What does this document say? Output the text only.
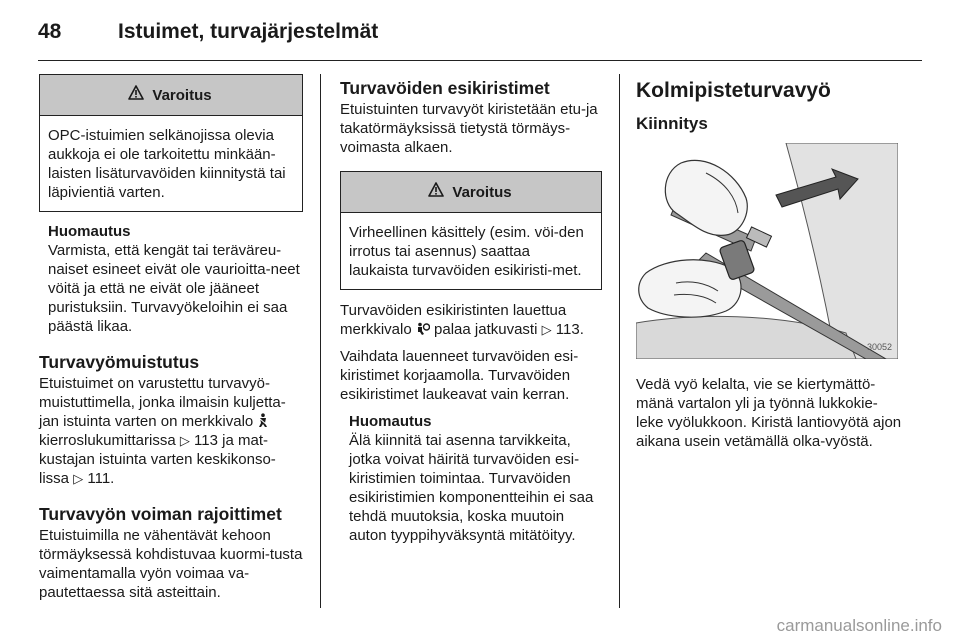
48	Istuimet, turvajärjestelmät
Varoitus
OPC-istuimien selkänojissa olevia aukkoja ei ole tarkoitettu minkään-laisten lisäturvavöiden kiinnitystä tai läpivientiä varten.
Huomautus
Varmista, että kengät tai teräväreu-naiset esineet eivät ole vaurioitta-neet vöitä ja että ne eivät ole jääneet puristuksiin. Turvavyökeloihin ei saa päästä likaa.
Turvavyömuistutus

Etuistuimet on varustettu turvavyö-muistuttimella, jonka ilmaisin kuljetta-jan istuinta varten on merkkivalo  kierroslukumittarissa ▷ 113 ja mat-kustajan istuinta varten keskikonso-lissa ▷ 111.

Turvavyön voiman rajoittimet

Etuistuimilla ne vähentävät kehoon törmäyksessä kohdistuvaa kuormi-tusta vaimentamalla vyön voimaa va-pautettaessa sitä asteittain.

Turvavöiden esikiristimet

Etuistuinten turvavyöt kiristetään etu-ja takatörmäyksissä tietystä törmäys-voimasta alkaen.

Varoitus
Virheellinen käsittely (esim. vöi-den irrotus tai asennus) saattaa laukaista turvavöiden esikiristi-met.

Turvavöiden esikiristinten lauettua merkkivalo palaa jatkuvasti ▷ 113.

Vaihdata lauenneet turvavöiden esi-kiristimet korjaamolla. Turvavöiden esikiristimet laukeavat vain kerran.

Huomautus
Älä kiinnitä tai asenna tarvikkeita, jotka voivat häiritä turvavöiden esi-kiristimien toimintaa. Turvavöiden esikiristimien komponentteihin ei saa tehdä muutoksia, koska muutoin auton tyyppihyväksyntä mitätöityy.
Kolmipisteturvavyö
Kiinnitys
30052

Vedä vyö kelalta, vie se kiertymättö-mänä vartalon yli ja työnnä lukkokie-leke vyölukkoon. Kiristä lantiovyötä ajon aikana usein vetämällä olka-vyöstä.

carmanualsonline.info
